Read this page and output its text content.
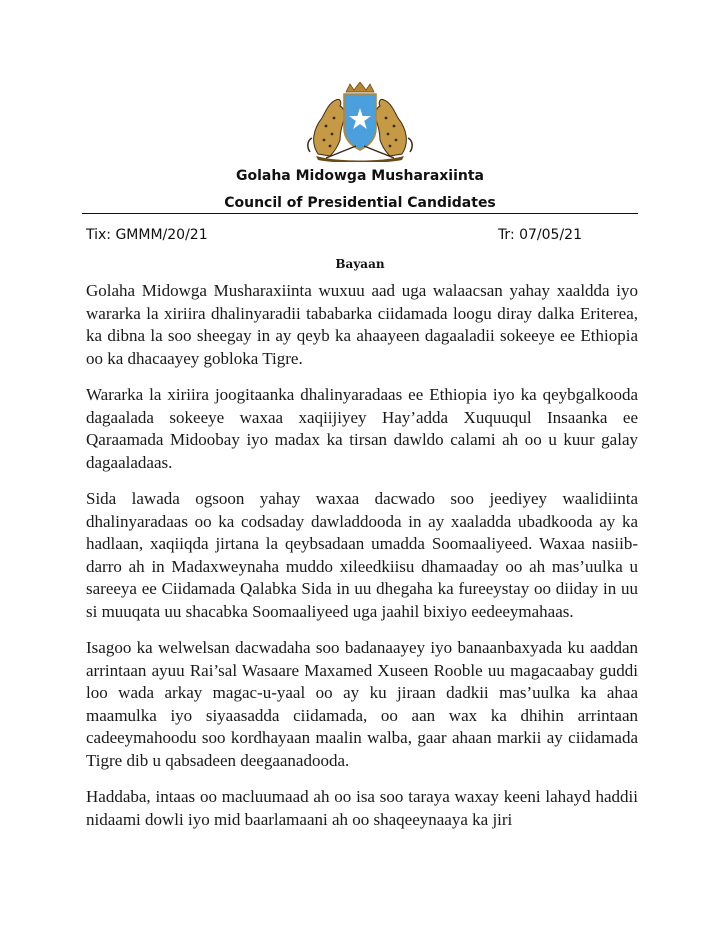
Golaha Midowga Musharaxiinta
Council of Presidential Candidates
Tix: GMMM/20/21	Tr: 07/05/21
Bayaan

Golaha Midowga Musharaxiinta wuxuu aad uga walaacsan yahay xaaldda iyo wararka la xiriira dhalinyaradii tababarka ciidamada loogu diray dalka Eriterea, ka dibna la soo sheegay in ay qeyb ka ahaayeen dagaaladii sokeeye ee Ethiopia oo ka dhacaayey gobloka Tigre.

Wararka la xiriira joogitaanka dhalinyaradaas ee Ethiopia iyo ka qeybgalkooda dagaalada sokeeye waxaa xaqiijiyey Hay’adda Xuquuqul Insaanka ee Qaraamada Midoobay iyo madax ka tirsan dawldo calami ah oo u kuur galay dagaaladaas.

Sida lawada ogsoon yahay waxaa dacwado soo jeediyey waalidiinta dhalinyaradaas oo ka codsaday dawladdooda in ay xaaladda ubadkooda ay ka hadlaan, xaqiiqda jirtana la qeybsadaan umadda Soomaaliyeed. Waxaa nasiib-darro ah in Madaxweynaha muddo xileedkiisu dhamaaday oo ah mas’uulka u sareeya ee Ciidamada Qalabka Sida in uu dhegaha ka fureeystay oo diiday in uu si muuqata uu shacabka Soomaaliyeed uga jaahil bixiyo eedeeymahaas.

Isagoo ka welwelsan dacwadaha soo badanaayey iyo banaanbaxyada ku aaddan arrintaan ayuu Rai’sal Wasaare Maxamed Xuseen Rooble uu magacaabay guddi loo wada arkay magac-u-yaal oo ay ku jiraan dadkii mas’uulka ka ahaa maamulka iyo siyaasadda ciidamada, oo aan wax ka dhihin arrintaan cadeeymahoodu soo kordhayaan maalin walba, gaar ahaan markii ay ciidamada Tigre dib u qabsadeen deegaanadooda.

Haddaba, intaas oo macluumaad ah oo isa soo taraya waxay keeni lahayd haddii nidaami dowli iyo mid baarlamaani ah oo shaqeeynaaya ka jiri
